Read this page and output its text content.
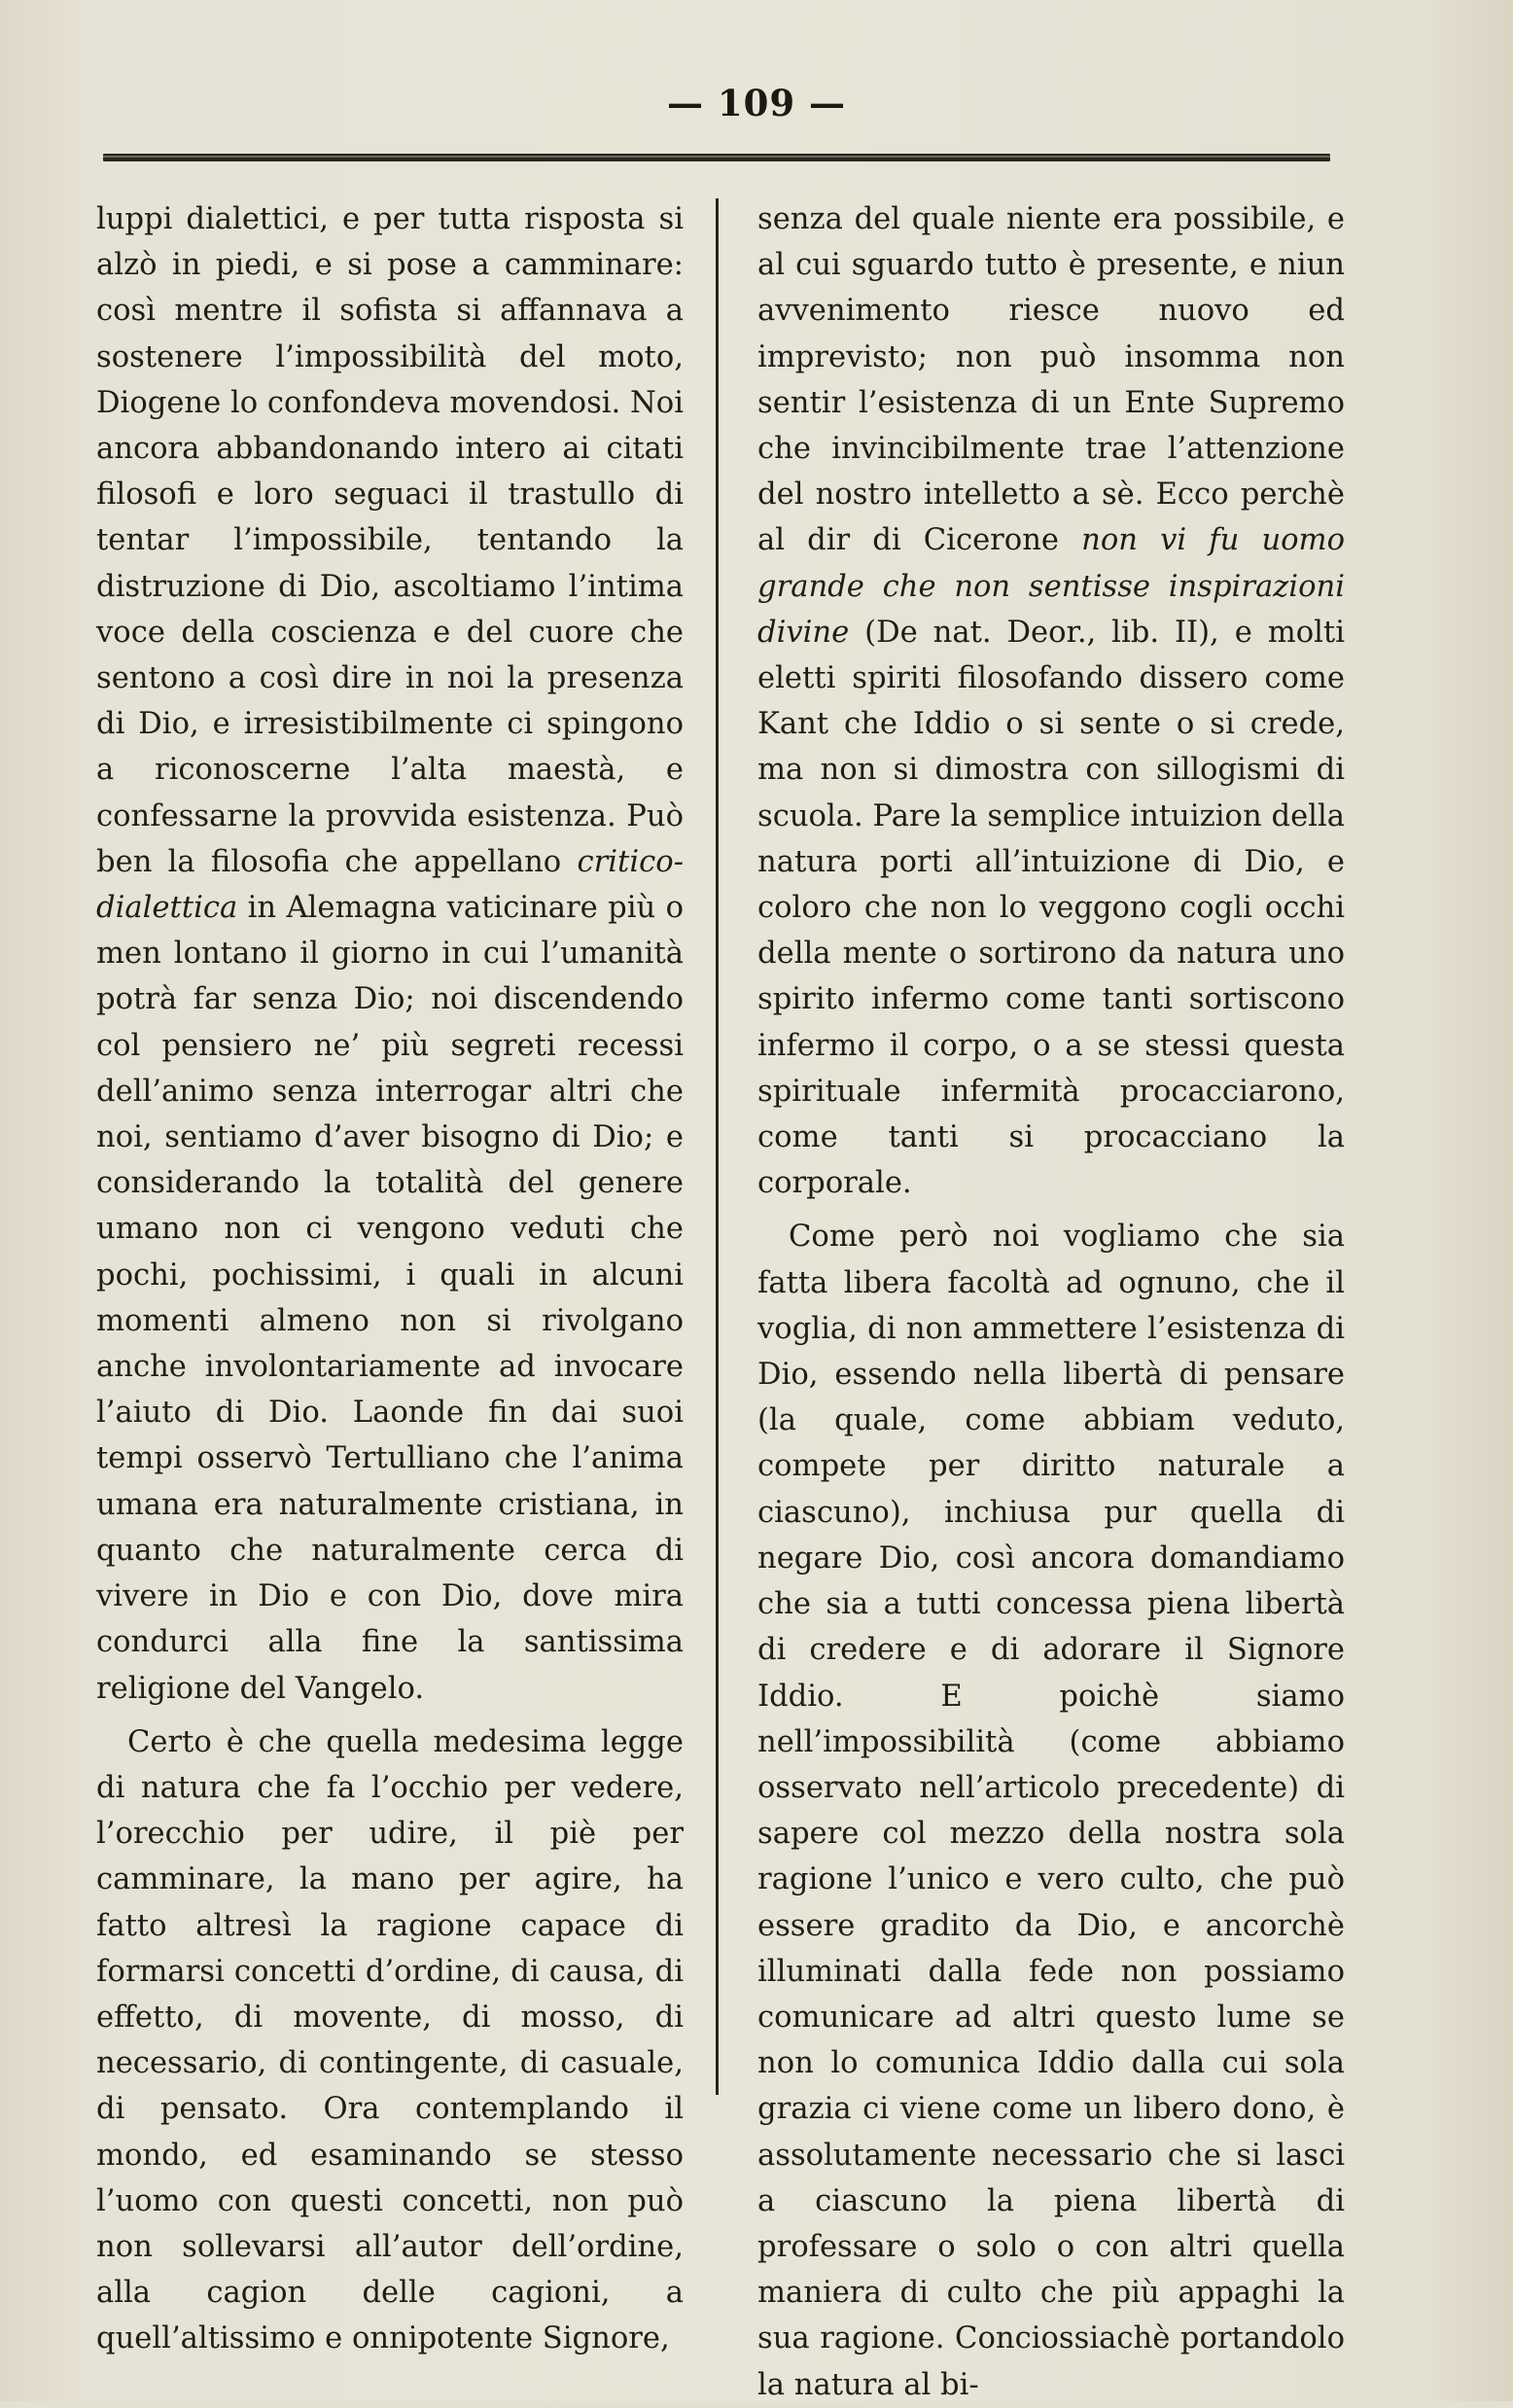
— 109 —

luppi dialettici, e per tutta risposta si alzò in piedi, e si pose a camminare: così mentre il sofista si affannava a sostenere l’impossibilità del moto, Diogene lo confondeva movendosi. Noi ancora abbandonando intero ai citati filosofi e loro seguaci il trastullo di tentar l’impossibile, tentando la distruzione di Dio, ascoltiamo l’intima voce della coscienza e del cuore che sentono a così dire in noi la presenza di Dio, e irresistibilmente ci spingono a riconoscerne l’alta maestà, e confessarne la provvida esistenza. Può ben la filosofia che appellano critico-dialettica in Alemagna vaticinare più o men lontano il giorno in cui l’umanità potrà far senza Dio; noi discendendo col pensiero ne’ più segreti recessi dell’animo senza interrogar altri che noi, sentiamo d’aver bisogno di Dio; e considerando la totalità del genere umano non ci vengono veduti che pochi, pochissimi, i quali in alcuni momenti almeno non si rivolgano anche involontariamente ad invocare l’aiuto di Dio. Laonde fin dai suoi tempi osservò Tertulliano che l’anima umana era naturalmente cristiana, in quanto che naturalmente cerca di vivere in Dio e con Dio, dove mira condurci alla fine la santissima religione del Vangelo.

Certo è che quella medesima legge di natura che fa l’occhio per vedere, l’orecchio per udire, il piè per camminare, la mano per agire, ha fatto altresì la ragione capace di formarsi concetti d’ordine, di causa, di effetto, di movente, di mosso, di necessario, di contingente, di casuale, di pensato. Ora contemplando il mondo, ed esaminando se stesso l’uomo con questi concetti, non può non sollevarsi all’autor dell’ordine, alla cagion delle cagioni, a quell’altissimo e onnipotente Signore,

senza del quale niente era possibile, e al cui sguardo tutto è presente, e niun avvenimento riesce nuovo ed imprevisto; non può insomma non sentir l’esistenza di un Ente Supremo che invincibilmente trae l’attenzione del nostro intelletto a sè. Ecco perchè al dir di Cicerone non vi fu uomo grande che non sentisse inspirazioni divine (De nat. Deor., lib. II), e molti eletti spiriti filosofando dissero come Kant che Iddio o si sente o si crede, ma non si dimostra con sillogismi di scuola. Pare la semplice intuizion della natura porti all’intuizione di Dio, e coloro che non lo veggono cogli occhi della mente o sortirono da natura uno spirito infermo come tanti sortiscono infermo il corpo, o a se stessi questa spirituale infermità procacciarono, come tanti si procacciano la corporale.

Come però noi vogliamo che sia fatta libera facoltà ad ognuno, che il voglia, di non ammettere l’esistenza di Dio, essendo nella libertà di pensare (la quale, come abbiam veduto, compete per diritto naturale a ciascuno), inchiusa pur quella di negare Dio, così ancora domandiamo che sia a tutti concessa piena libertà di credere e di adorare il Signore Iddio. E poichè siamo nell’impossibilità (come abbiamo osservato nell’articolo precedente) di sapere col mezzo della nostra sola ragione l’unico e vero culto, che può essere gradito da Dio, e ancorchè illuminati dalla fede non possiamo comunicare ad altri questo lume se non lo comunica Iddio dalla cui sola grazia ci viene come un libero dono, è assolutamente necessario che si lasci a ciascuno la piena libertà di professare o solo o con altri quella maniera di culto che più appaghi la sua ragione. Conciossiachè portandolo la natura al bi-
